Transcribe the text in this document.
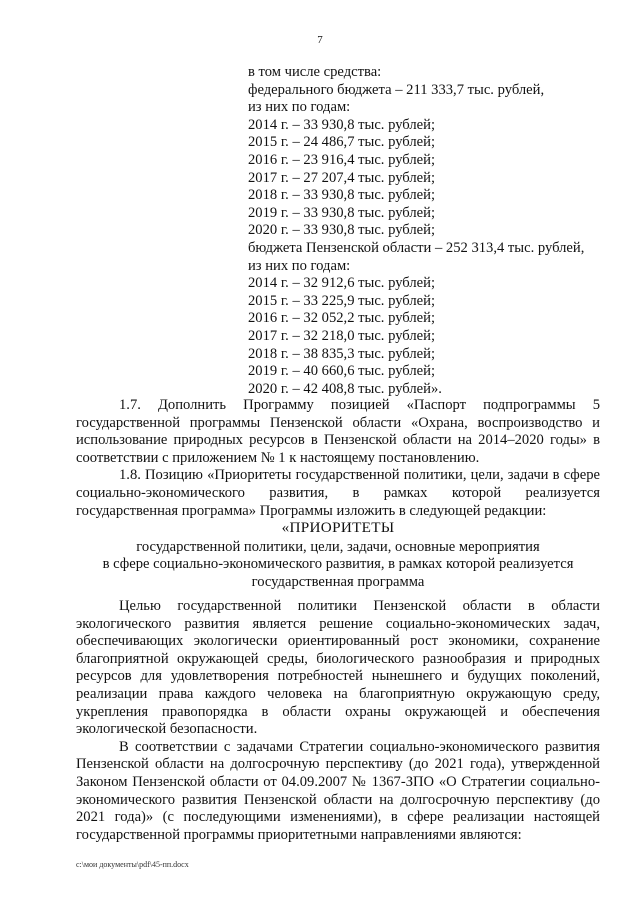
7
в том числе средства:
федерального бюджета – 211 333,7 тыс. рублей,
из них по годам:
2014 г. – 33 930,8 тыс. рублей;
2015 г. – 24 486,7 тыс. рублей;
2016 г. – 23 916,4 тыс. рублей;
2017 г. – 27 207,4 тыс. рублей;
2018 г. – 33 930,8 тыс. рублей;
2019 г. – 33 930,8 тыс. рублей;
2020 г. – 33 930,8 тыс. рублей;
бюджета Пензенской области – 252 313,4 тыс. рублей,
из них по годам:
2014 г. – 32 912,6 тыс. рублей;
2015 г. – 33 225,9 тыс. рублей;
2016 г. – 32 052,2 тыс. рублей;
2017 г. – 32 218,0 тыс. рублей;
2018 г. – 38 835,3 тыс. рублей;
2019 г. – 40 660,6 тыс. рублей;
2020 г. – 42 408,8 тыс. рублей».

1.7. Дополнить Программу позицией «Паспорт подпрограммы 5 государственной программы Пензенской области «Охрана, воспроизводство и использование природных ресурсов в Пензенской области на 2014–2020 годы» в соответствии с приложением № 1 к настоящему постановлению.

1.8. Позицию «Приоритеты государственной политики, цели, задачи в сфере социально-экономического развития, в рамках которой реализуется государственная программа» Программы изложить в следующей редакции:

«ПРИОРИТЕТЫ
государственной политики, цели, задачи, основные мероприятия
в сфере социально-экономического развития, в рамках которой реализуется
государственная программа

Целью государственной политики Пензенской области в области экологического развития является решение социально-экономических задач, обеспечивающих экологически ориентированный рост экономики, сохранение благоприятной окружающей среды, биологического разнообразия и природных ресурсов для удовлетворения потребностей нынешнего и будущих поколений, реализации права каждого человека на благоприятную окружающую среду, укрепления правопорядка в области охраны окружающей и обеспечения экологической безопасности.

В соответствии с задачами Стратегии социально-экономического развития Пензенской области на долгосрочную перспективу (до 2021 года), утвержденной Законом Пензенской области от 04.09.2007 № 1367-ЗПО «О Стратегии социально-экономического развития Пензенской области на долгосрочную перспективу (до 2021 года)» (с последующими изменениями), в сфере реализации настоящей государственной программы приоритетными направлениями являются:

c:\мои документы\pdf\45-пп.docx
